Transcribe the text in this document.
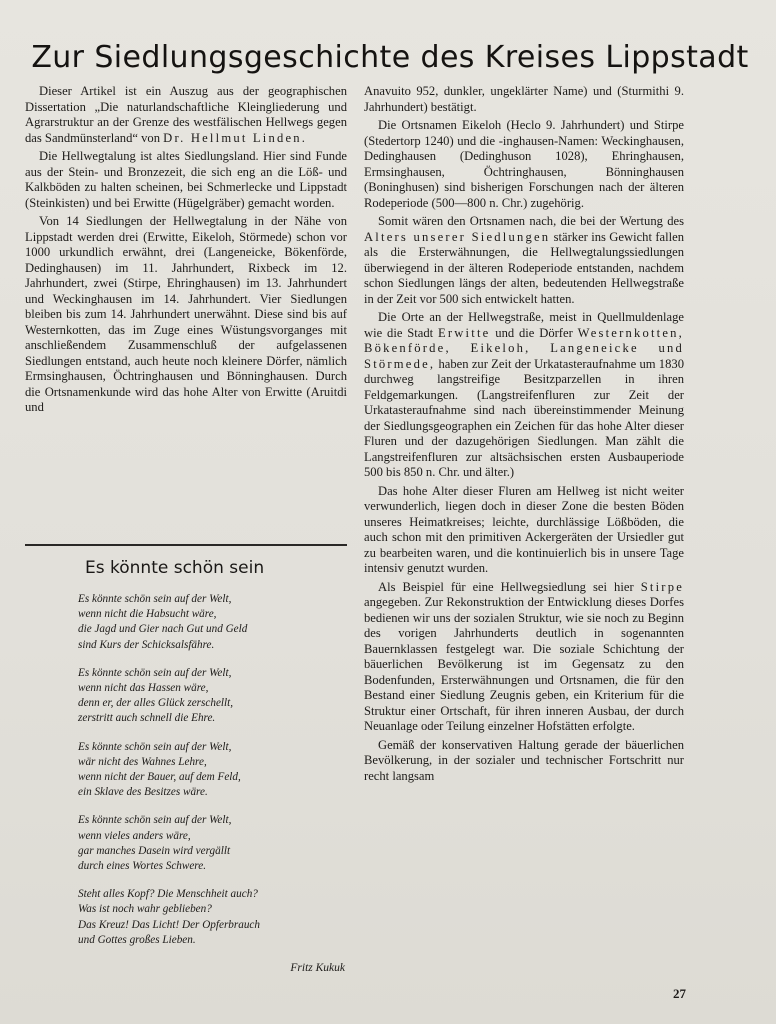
Zur Siedlungsgeschichte des Kreises Lippstadt

Dieser Artikel ist ein Auszug aus der geographischen Dissertation „Die naturlandschaftliche Kleingliederung und Agrarstruktur an der Grenze des westfälischen Hellwegs gegen das Sandmünsterland“ von Dr. Hellmut Linden.

Die Hellwegtalung ist altes Siedlungsland. Hier sind Funde aus der Stein- und Bronzezeit, die sich eng an die Löß- und Kalkböden zu halten scheinen, bei Schmerlecke und Lippstadt (Steinkisten) und bei Erwitte (Hügelgräber) gemacht worden.

Von 14 Siedlungen der Hellwegtalung in der Nähe von Lippstadt werden drei (Erwitte, Eikeloh, Störmede) schon vor 1000 urkundlich erwähnt, drei (Langeneicke, Bökenförde, Dedinghausen) im 11. Jahrhundert, Rixbeck im 12. Jahrhundert, zwei (Stirpe, Ehringhausen) im 13. Jahrhundert und Weckinghausen im 14. Jahrhundert. Vier Siedlungen bleiben bis zum 14. Jahrhundert unerwähnt. Diese sind bis auf Westernkotten, das im Zuge eines Wüstungsvorganges mit anschließendem Zusammenschluß der aufgelassenen Siedlungen entstand, auch heute noch kleinere Dörfer, nämlich Ermsinghausen, Öchtringhausen und Bönninghausen. Durch die Ortsnamenkunde wird das hohe Alter von Erwitte (Aruitdi und

Es könnte schön sein
Es könnte schön sein auf der Welt,
wenn nicht die Habsucht wäre,
die Jagd und Gier nach Gut und Geld
sind Kurs der Schicksalsfähre.
Es könnte schön sein auf der Welt,
wenn nicht das Hassen wäre,
denn er, der alles Glück zerschellt,
zerstritt auch schnell die Ehre.
Es könnte schön sein auf der Welt,
wär nicht des Wahnes Lehre,
wenn nicht der Bauer, auf dem Feld,
ein Sklave des Besitzes wäre.
Es könnte schön sein auf der Welt,
wenn vieles anders wäre,
gar manches Dasein wird vergällt
durch eines Wortes Schwere.
Steht alles Kopf? Die Menschheit auch?
Was ist noch wahr geblieben?
Das Kreuz! Das Licht! Der Opferbrauch
und Gottes großes Lieben.
Fritz Kukuk

Anavuito 952, dunkler, ungeklärter Name) und (Sturmithi 9. Jahrhundert) bestätigt.

Die Ortsnamen Eikeloh (Heclo 9. Jahrhundert) und Stirpe (Stedertorp 1240) und die -inghausen-Namen: Weckinghausen, Dedinghausen (Dedinghuson 1028), Ehringhausen, Ermsinghausen, Öchtringhausen, Bönninghausen (Boninghusen) sind bisherigen Forschungen nach der älteren Rodeperiode (500—800 n. Chr.) zugehörig.

Somit wären den Ortsnamen nach, die bei der Wertung des Alters unserer Siedlungen stärker ins Gewicht fallen als die Ersterwähnungen, die Hellwegtalungssiedlungen überwiegend in der älteren Rodeperiode entstanden, nachdem schon Siedlungen längs der alten, bedeutenden Hellwegstraße in der Zeit vor 500 sich entwickelt hatten.

Die Orte an der Hellwegstraße, meist in Quellmuldenlage wie die Stadt Erwitte und die Dörfer Westernkotten, Bökenförde, Eikeloh, Langeneicke und Störmede, haben zur Zeit der Urkatasteraufnahme um 1830 durchweg langstreifige Besitzparzellen in ihren Feldgemarkungen. (Langstreifenfluren zur Zeit der Urkatasteraufnahme sind nach übereinstimmender Meinung der Siedlungsgeographen ein Zeichen für das hohe Alter dieser Fluren und der dazugehörigen Siedlungen. Man zählt die Langstreifenfluren zur altsächsischen ersten Ausbauperiode 500 bis 850 n. Chr. und älter.)

Das hohe Alter dieser Fluren am Hellweg ist nicht weiter verwunderlich, liegen doch in dieser Zone die besten Böden unseres Heimatkreises; leichte, durchlässige Lößböden, die auch schon mit den primitiven Ackergeräten der Ursiedler gut zu bearbeiten waren, und die kontinuierlich bis in unsere Tage intensiv genutzt wurden.

Als Beispiel für eine Hellwegsiedlung sei hier Stirpe angegeben. Zur Rekonstruktion der Entwicklung dieses Dorfes bedienen wir uns der sozialen Struktur, wie sie noch zu Beginn des vorigen Jahrhunderts deutlich in sogenannten Bauernklassen festgelegt war. Die soziale Schichtung der bäuerlichen Bevölkerung ist im Gegensatz zu den Bodenfunden, Ersterwähnungen und Ortsnamen, die für den Bestand einer Siedlung Zeugnis geben, ein Kriterium für die Struktur einer Ortschaft, für ihren inneren Ausbau, der durch Neuanlage oder Teilung einzelner Hofstätten erfolgte.

Gemäß der konservativen Haltung gerade der bäuerlichen Bevölkerung, in der sozialer und technischer Fortschritt nur recht langsam

27
